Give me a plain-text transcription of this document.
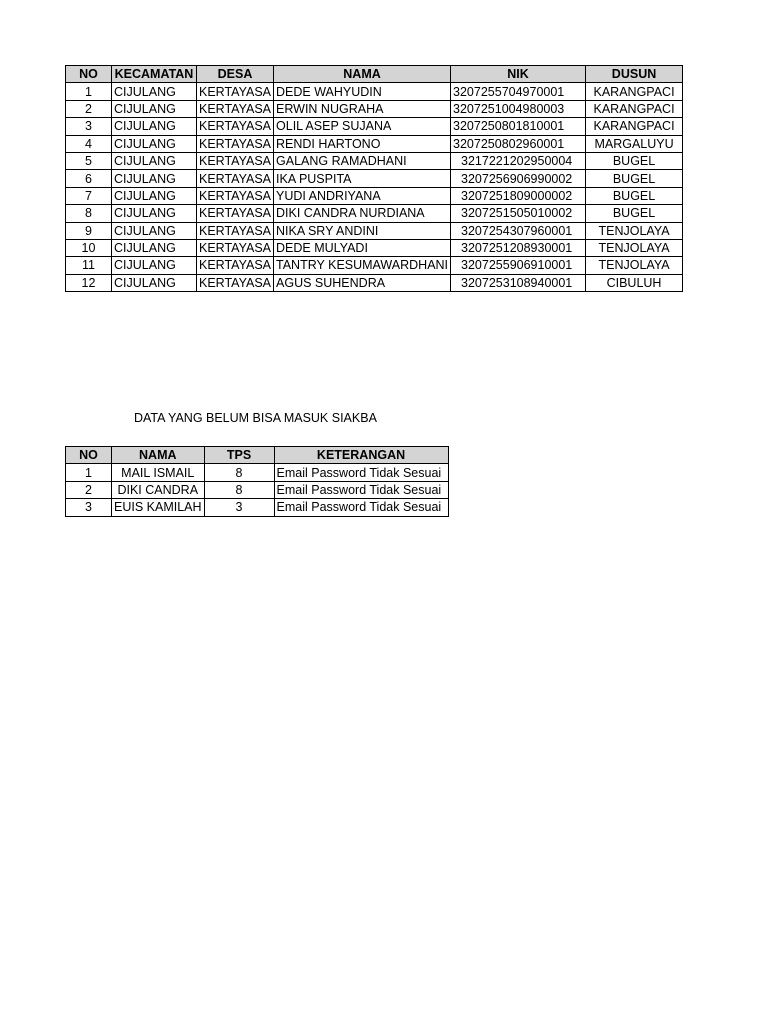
NO	KECAMATAN	DESA	NAMA	NIK	DUSUN
1	CIJULANG	KERTAYASA	DEDE WAHYUDIN	3207255704970001	KARANGPACI
2	CIJULANG	KERTAYASA	ERWIN NUGRAHA	3207251004980003	KARANGPACI
3	CIJULANG	KERTAYASA	OLIL ASEP SUJANA	3207250801810001	KARANGPACI
4	CIJULANG	KERTAYASA	RENDI HARTONO	3207250802960001	MARGALUYU
5	CIJULANG	KERTAYASA	GALANG RAMADHANI	3217221202950004	BUGEL
6	CIJULANG	KERTAYASA	IKA PUSPITA	3207256906990002	BUGEL
7	CIJULANG	KERTAYASA	YUDI ANDRIYANA	3207251809000002	BUGEL
8	CIJULANG	KERTAYASA	DIKI CANDRA NURDIANA	3207251505010002	BUGEL
9	CIJULANG	KERTAYASA	NIKA SRY ANDINI	3207254307960001	TENJOLAYA
10	CIJULANG	KERTAYASA	DEDE MULYADI	3207251208930001	TENJOLAYA
11	CIJULANG	KERTAYASA	TANTRY KESUMAWARDHANI	3207255906910001	TENJOLAYA
12	CIJULANG	KERTAYASA	AGUS SUHENDRA	3207253108940001	CIBULUH
DATA YANG BELUM BISA MASUK SIAKBA
NO	NAMA	TPS	KETERANGAN
1	MAIL ISMAIL	8	Email Password Tidak Sesuai
2	DIKI CANDRA	8	Email Password Tidak Sesuai
3	EUIS KAMILAH	3	Email Password Tidak Sesuai
